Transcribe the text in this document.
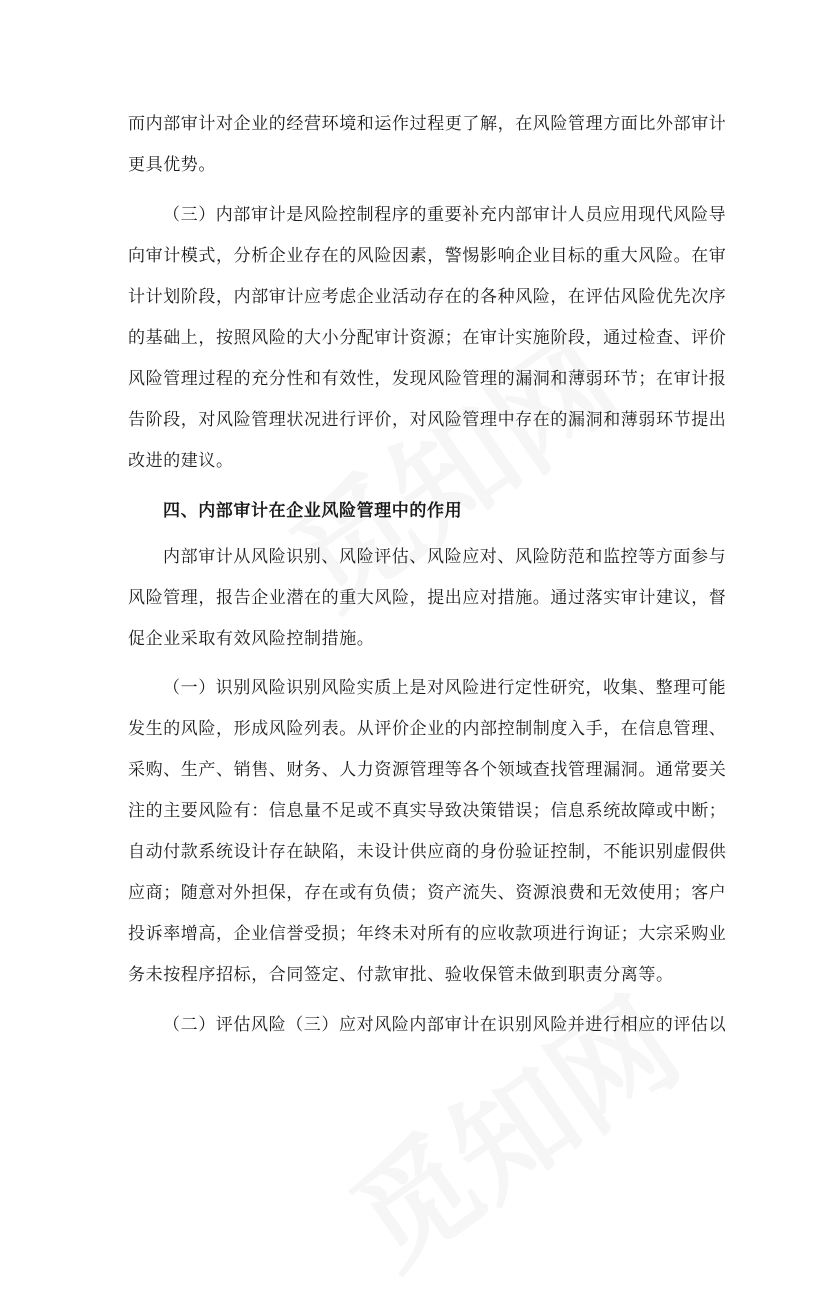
而内部审计对企业的经营环境和运作过程更了解，在风险管理方面比外部审计
更具优势。
（三）内部审计是风险控制程序的重要补充内部审计人员应用现代风险导
向审计模式，分析企业存在的风险因素，警惕影响企业目标的重大风险。在审
计计划阶段，内部审计应考虑企业活动存在的各种风险，在评估风险优先次序
的基础上，按照风险的大小分配审计资源；在审计实施阶段，通过检查、评价
风险管理过程的充分性和有效性，发现风险管理的漏洞和薄弱环节；在审计报
告阶段，对风险管理状况进行评价，对风险管理中存在的漏洞和薄弱环节提出
改进的建议。
四、内部审计在企业风险管理中的作用
内部审计从风险识别、风险评估、风险应对、风险防范和监控等方面参与
风险管理，报告企业潜在的重大风险，提出应对措施。通过落实审计建议，督
促企业采取有效风险控制措施。
（一）识别风险识别风险实质上是对风险进行定性研究，收集、整理可能
发生的风险，形成风险列表。从评价企业的内部控制制度入手，在信息管理、
采购、生产、销售、财务、人力资源管理等各个领域查找管理漏洞。通常要关
注的主要风险有：信息量不足或不真实导致决策错误；信息系统故障或中断；
自动付款系统设计存在缺陷，未设计供应商的身份验证控制，不能识别虚假供
应商；随意对外担保，存在或有负债；资产流失、资源浪费和无效使用；客户
投诉率增高，企业信誉受损；年终未对所有的应收款项进行询证；大宗采购业
务未按程序招标，合同签定、付款审批、验收保管未做到职责分离等。
（二）评估风险（三）应对风险内部审计在识别风险并进行相应的评估以
